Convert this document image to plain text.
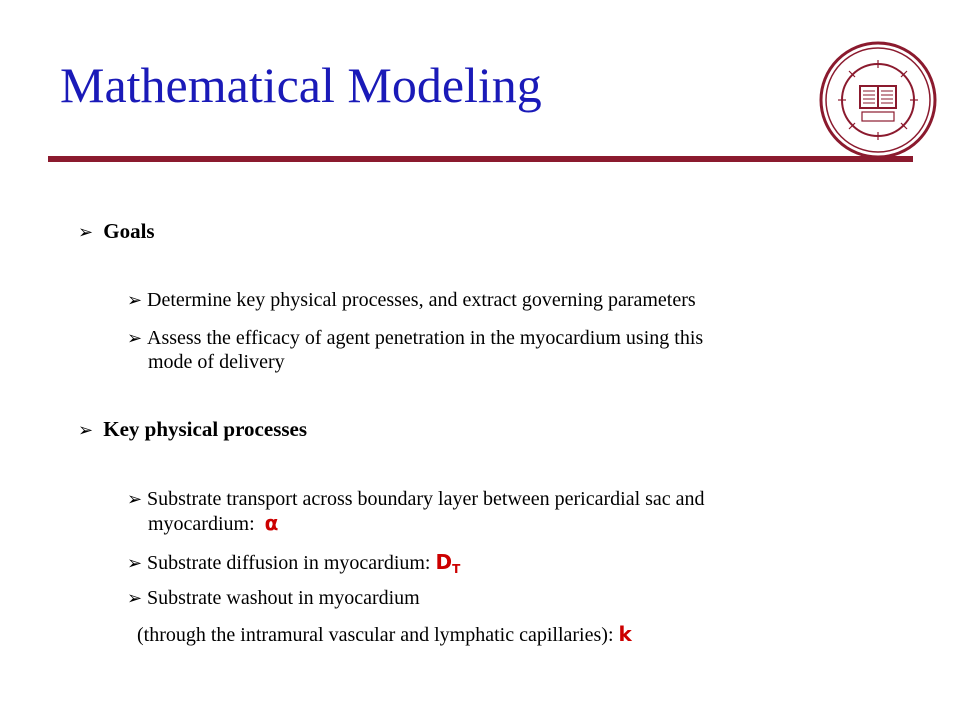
Mathematical Modeling
➢ Goals
➢ Determine key physical processes, and extract governing parameters
➢ Assess the efficacy of agent penetration in the myocardium using this
mode of delivery
➢ Key physical processes
➢ Substrate transport across boundary layer between pericardial sac and
myocardium: α
➢ Substrate diffusion in myocardium: $D_T$
➢ Substrate washout in myocardium
(through the intramural vascular and lymphatic capillaries): k
